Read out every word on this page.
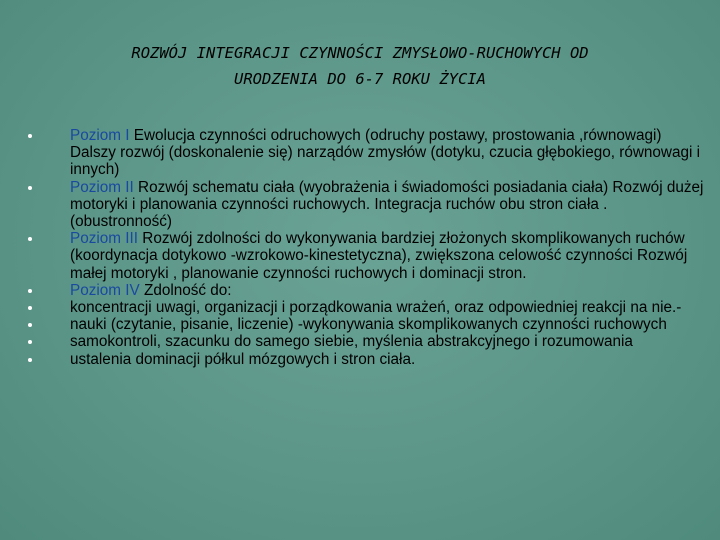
ROZWÓJ INTEGRACJI CZYNNOŚCI ZMYSŁOWO-RUCHOWYCH OD
URODZENIA DO 6-7 ROKU ŻYCIA
Poziom I Ewolucja czynności odruchowych (odruchy postawy, prostowania ,równowagi) Dalszy rozwój (doskonalenie się) narządów zmysłów (dotyku, czucia głębokiego, równowagi i innych)
Poziom II Rozwój schematu ciała (wyobrażenia i świadomości posiadania ciała) Rozwój dużej motoryki i planowania czynności ruchowych. Integracja ruchów obu stron ciała .(obustronność)
Poziom III Rozwój zdolności do wykonywania bardziej złożonych skomplikowanych ruchów (koordynacja dotykowo -wzrokowo-kinestetyczna), zwiększona celowość czynności Rozwój małej motoryki , planowanie czynności ruchowych i dominacji stron.
Poziom IV Zdolność do:
koncentracji uwagi, organizacji i porządkowania wrażeń, oraz odpowiedniej reakcji na nie.-
nauki (czytanie, pisanie, liczenie) -wykonywania skomplikowanych czynności ruchowych
samokontroli, szacunku do samego siebie, myślenia abstrakcyjnego i rozumowania
ustalenia dominacji półkul mózgowych i stron ciała.
